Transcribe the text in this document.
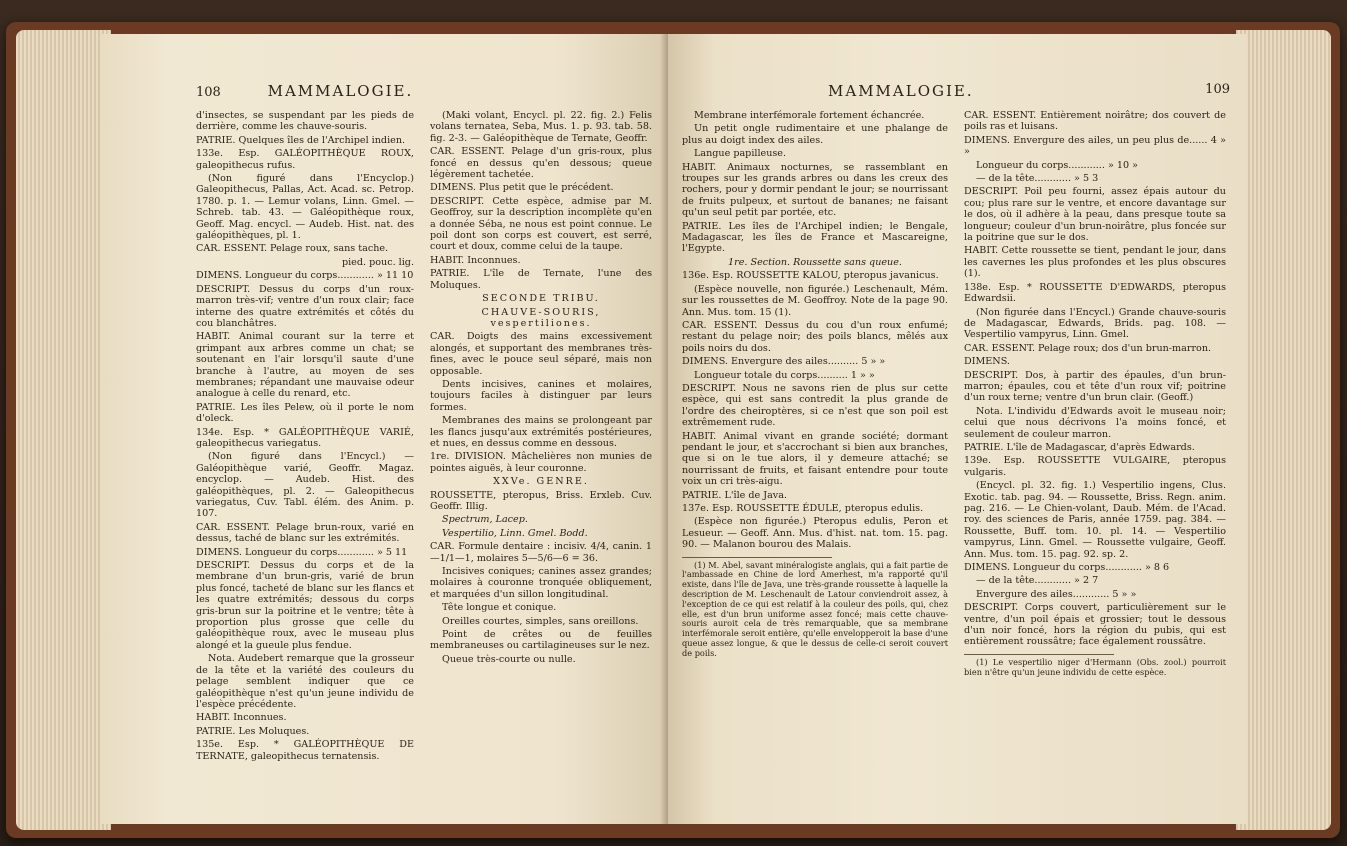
108	MAMMALOGIE.

d'insectes, se suspendant par les pieds de derrière, comme les chauve-souris.

PATRIE. Quelques îles de l'Archipel indien.

133e. Esp. GALÉOPITHÈQUE ROUX, galeopithecus rufus.

(Non figuré dans l'Encyclop.) Galeopithecus, Pallas, Act. Acad. sc. Petrop. 1780. p. 1. — Lemur volans, Linn. Gmel. — Schreb. tab. 43. — Galéopithèque roux, Geoff. Mag. encycl. — Audeb. Hist. nat. des galéopithèques, pl. 1.

CAR. ESSENT. Pelage roux, sans tache.

pied. pouc. lig.

DIMENS. Longueur du corps............ » 11 10

DESCRIPT. Dessus du corps d'un roux-marron très-vif; ventre d'un roux clair; face interne des quatre extrémités et côtés du cou blanchâtres.

HABIT. Animal courant sur la terre et grimpant aux arbres comme un chat; se soutenant en l'air lorsqu'il saute d'une branche à l'autre, au moyen de ses membranes; répandant une mauvaise odeur analogue à celle du renard, etc.

PATRIE. Les îles Pelew, où il porte le nom d'oleck.

134e. Esp. * GALÉOPITHÈQUE VARIÉ, galeopithecus variegatus.

(Non figuré dans l'Encycl.) — Galéopithèque varié, Geoffr. Magaz. encyclop. — Audeb. Hist. des galéopithèques, pl. 2. — Galeopithecus variegatus, Cuv. Tabl. élém. des Anim. p. 107.

CAR. ESSENT. Pelage brun-roux, varié en dessus, taché de blanc sur les extrémités.

DIMENS. Longueur du corps............ » 5 11

DESCRIPT. Dessus du corps et de la membrane d'un brun-gris, varié de brun plus foncé, tacheté de blanc sur les flancs et les quatre extrémités; dessous du corps gris-brun sur la poitrine et le ventre; tête à proportion plus grosse que celle du galéopithèque roux, avec le museau plus alongé et la gueule plus fendue.

Nota. Audebert remarque que la grosseur de la tête et la variété des couleurs du pelage semblent indiquer que ce galéopithèque n'est qu'un jeune individu de l'espèce précédente.

HABIT. Inconnues.

PATRIE. Les Moluques.

135e. Esp. * GALÉOPITHÈQUE DE TERNATE, galeopithecus ternatensis.

(Maki volant, Encycl. pl. 22. fig. 2.) Felis volans ternatea, Seba, Mus. 1. p. 93. tab. 58. fig. 2-3. — Galéopithèque de Ternate, Geoffr.

CAR. ESSENT. Pelage d'un gris-roux, plus foncé en dessus qu'en dessous; queue légèrement tachetée.

DIMENS. Plus petit que le précédent.

DESCRIPT. Cette espèce, admise par M. Geoffroy, sur la description incomplète qu'en a donnée Séba, ne nous est point connue. Le poil dont son corps est couvert, est serré, court et doux, comme celui de la taupe.

HABIT. Inconnues.

PATRIE. L'île de Ternate, l'une des Moluques.

SECONDE TRIBU.

CHAUVE-SOURIS, vespertiliones.

CAR. Doigts des mains excessivement alongés, et supportant des membranes très-fines, avec le pouce seul séparé, mais non opposable.

Dents incisives, canines et molaires, toujours faciles à distinguer par leurs formes.

Membranes des mains se prolongeant par les flancs jusqu'aux extrémités postérieures, et nues, en dessus comme en dessous.

1re. DIVISION. Mâchelières non munies de pointes aiguës, à leur couronne.

XXVe. GENRE.

ROUSSETTE, pteropus, Briss. Erxleb. Cuv. Geoffr. Illig.

Spectrum, Lacep.

Vespertilio, Linn. Gmel. Bodd.

CAR. Formule dentaire : incisiv. 4/4, canin. 1—1/1—1, molaires 5—5/6—6 = 36.

Incisives coniques; canines assez grandes; molaires à couronne tronquée obliquement, et marquées d'un sillon longitudinal.

Tête longue et conique.

Oreilles courtes, simples, sans oreillons.

Point de crêtes ou de feuilles membraneuses ou cartilagineuses sur le nez.

Queue très-courte ou nulle.

MAMMALOGIE.	109

Membrane interfémorale fortement échancrée.

Un petit ongle rudimentaire et une phalange de plus au doigt index des ailes.

Langue papilleuse.

HABIT. Animaux nocturnes, se rassemblant en troupes sur les grands arbres ou dans les creux des rochers, pour y dormir pendant le jour; se nourrissant de fruits pulpeux, et surtout de bananes; ne faisant qu'un seul petit par portée, etc.

PATRIE. Les îles de l'Archipel indien; le Bengale, Madagascar, les îles de France et Mascareigne, l'Egypte.

1re. Section. Roussette sans queue.

136e. Esp. ROUSSETTE KALOU, pteropus javanicus.

(Espèce nouvelle, non figurée.) Leschenault, Mém. sur les roussettes de M. Geoffroy. Note de la page 90. Ann. Mus. tom. 15 (1).

CAR. ESSENT. Dessus du cou d'un roux enfumé; restant du pelage noir; des poils blancs, mêlés aux poils noirs du dos.

DIMENS. Envergure des ailes.......... 5 » »

Longueur totale du corps.......... 1 » »

DESCRIPT. Nous ne savons rien de plus sur cette espèce, qui est sans contredit la plus grande de l'ordre des cheiroptères, si ce n'est que son poil est extrêmement rude.

HABIT. Animal vivant en grande société; dormant pendant le jour, et s'accrochant si bien aux branches, que si on le tue alors, il y demeure attaché; se nourrissant de fruits, et faisant entendre pour toute voix un cri très-aigu.

PATRIE. L'île de Java.

137e. Esp. ROUSSETTE ÉDULE, pteropus edulis.

(Espèce non figurée.) Pteropus edulis, Peron et Lesueur. — Geoff. Ann. Mus. d'hist. nat. tom. 15. pag. 90. — Malanon bourou des Malais.

(1) M. Abel, savant minéralogiste anglais, qui a fait partie de l'ambassade en Chine de lord Amerhest, m'a rapporté qu'il existe, dans l'île de Java, une très-grande roussette à laquelle la description de M. Leschenault de Latour conviendroit assez, à l'exception de ce qui est relatif à la couleur des poils, qui, chez elle, est d'un brun uniforme assez foncé; mais cette chauve-souris auroit cela de très remarquable, que sa membrane interfémorale seroit entière, qu'elle envelopperoit la base d'une queue assez longue, & que le dessus de celle-ci seroit couvert de poils.

CAR. ESSENT. Entièrement noirâtre; dos couvert de poils ras et luisans.

DIMENS. Envergure des ailes, un peu plus de...... 4 » »

Longueur du corps............ » 10 »

— de la tête............ » 5 3

DESCRIPT. Poil peu fourni, assez épais autour du cou; plus rare sur le ventre, et encore davantage sur le dos, où il adhère à la peau, dans presque toute sa longueur; couleur d'un brun-noirâtre, plus foncée sur la poitrine que sur le dos.

HABIT. Cette roussette se tient, pendant le jour, dans les cavernes les plus profondes et les plus obscures (1).

138e. Esp. * ROUSSETTE D'EDWARDS, pteropus Edwardsii.

(Non figurée dans l'Encycl.) Grande chauve-souris de Madagascar, Edwards, Brids. pag. 108. — Vespertilio vampyrus, Linn. Gmel.

CAR. ESSENT. Pelage roux; dos d'un brun-marron.

DIMENS.

DESCRIPT. Dos, à partir des épaules, d'un brun-marron; épaules, cou et tête d'un roux vif; poitrine d'un roux terne; ventre d'un brun clair. (Geoff.)

Nota. L'individu d'Edwards avoit le museau noir; celui que nous décrivons l'a moins foncé, et seulement de couleur marron.

PATRIE. L'île de Madagascar, d'après Edwards.

139e. Esp. ROUSSETTE VULGAIRE, pteropus vulgaris.

(Encycl. pl. 32. fig. 1.) Vespertilio ingens, Clus. Exotic. tab. pag. 94. — Roussette, Briss. Regn. anim. pag. 216. — Le Chien-volant, Daub. Mém. de l'Acad. roy. des sciences de Paris, année 1759. pag. 384. — Roussette, Buff. tom. 10. pl. 14. — Vespertilio vampyrus, Linn. Gmel. — Roussette vulgaire, Geoff. Ann. Mus. tom. 15. pag. 92. sp. 2.

DIMENS. Longueur du corps............ » 8 6

— de la tête............ » 2 7

Envergure des ailes............ 5 » »

DESCRIPT. Corps couvert, particulièrement sur le ventre, d'un poil épais et grossier; tout le dessous d'un noir foncé, hors la région du pubis, qui est entièrement roussâtre; face également roussâtre.

(1) Le vespertilio niger d'Hermann (Obs. zool.) pourroit bien n'être qu'un jeune individu de cette espèce.
